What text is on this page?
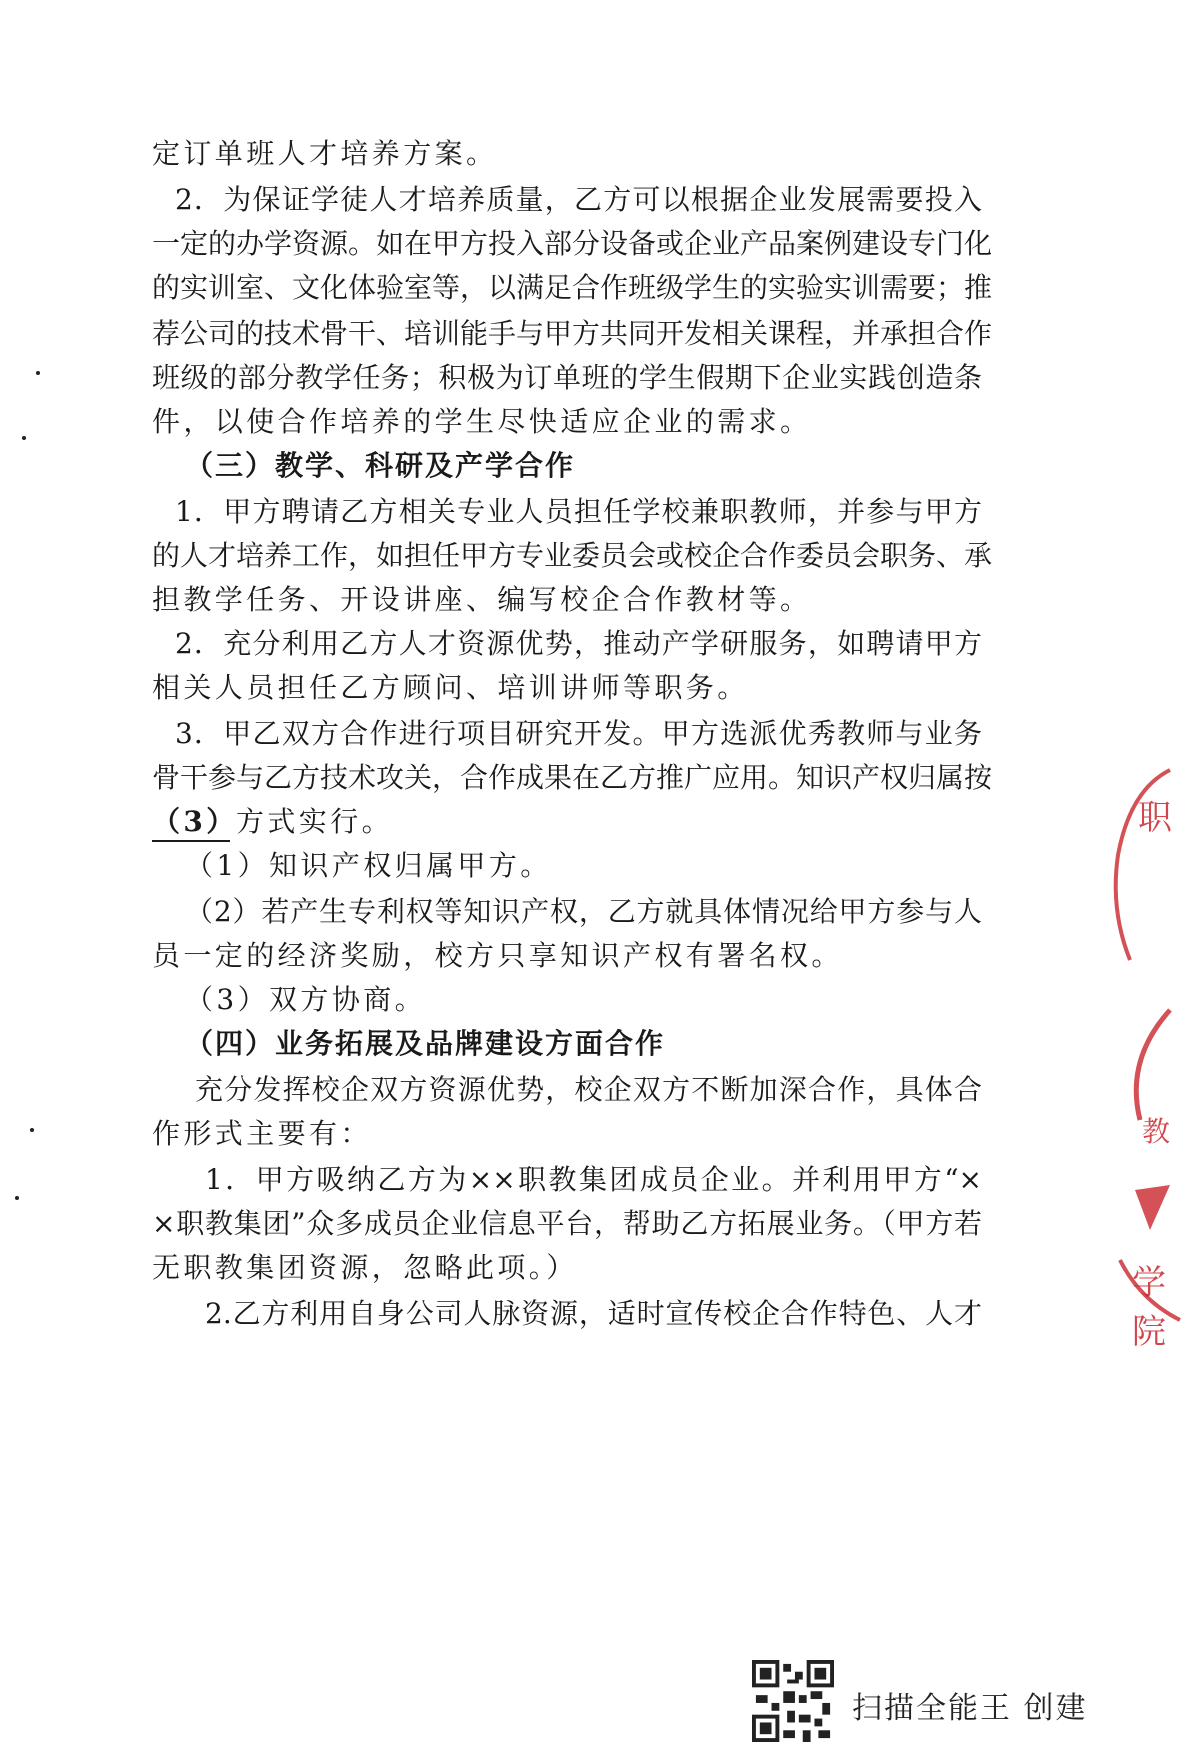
定订单班人才培养方案。
2．为保证学徒人才培养质量，乙方可以根据企业发展需要投入
一定的办学资源。如在甲方投入部分设备或企业产品案例建设专门化
的实训室、文化体验室等，以满足合作班级学生的实验实训需要；推
荐公司的技术骨干、培训能手与甲方共同开发相关课程，并承担合作
班级的部分教学任务；积极为订单班的学生假期下企业实践创造条
件，以使合作培养的学生尽快适应企业的需求。
（三）教学、科研及产学合作
1．甲方聘请乙方相关专业人员担任学校兼职教师，并参与甲方
的人才培养工作，如担任甲方专业委员会或校企合作委员会职务、承
担教学任务、开设讲座、编写校企合作教材等。
2．充分利用乙方人才资源优势，推动产学研服务，如聘请甲方
相关人员担任乙方顾问、培训讲师等职务。
3．甲乙双方合作进行项目研究开发。甲方选派优秀教师与业务
骨干参与乙方技术攻关，合作成果在乙方推广应用。知识产权归属按
（3）方式实行。
（1）知识产权归属甲方。
（2）若产生专利权等知识产权，乙方就具体情况给甲方参与人
员一定的经济奖励，校方只享知识产权有署名权。
（3）双方协商。
（四）业务拓展及品牌建设方面合作
充分发挥校企双方资源优势，校企双方不断加深合作，具体合
作形式主要有：
1．甲方吸纳乙方为××职教集团成员企业。并利用甲方“×
×职教集团”众多成员企业信息平台，帮助乙方拓展业务。（甲方若
无职教集团资源，忽略此项。）
2.乙方利用自身公司人脉资源，适时宣传校企合作特色、人才
职
教
学院
扫描全能王 创建
